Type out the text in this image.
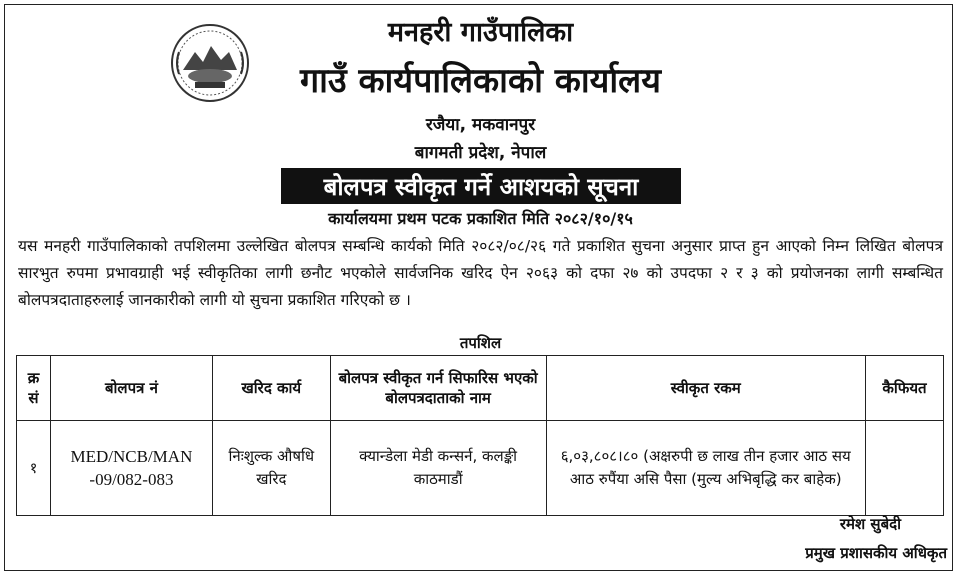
मनहरी गाउँपालिका
गाउँ कार्यपालिकाको कार्यालय
रजैया, मकवानपुर
बागमती प्रदेश, नेपाल
बोलपत्र स्वीकृत गर्ने आशयको सूचना
कार्यालयमा प्रथम पटक प्रकाशित मिति २०८२/१०/१५

यस मनहरी गाउँपालिकाको तपशिलमा उल्लेखित बोलपत्र सम्बन्धि कार्यको मिति २०८२/०८/२६ गते प्रकाशित सुचना अनुसार प्राप्त हुन आएको निम्न लिखित बोलपत्र सारभुत रुपमा प्रभावग्राही भई स्वीकृतिका लागी छनौट भएकोले सार्वजनिक खरिद ऐन २०६३ को दफा २७ को उपदफा २ र ३ को प्रयोजनका लागी सम्बन्धित बोलपत्रदाताहरुलाई जानकारीको लागी यो सुचना प्रकाशित गरिएको छ ।

तपशिल
क्र सं	बोलपत्र नं	खरिद कार्य	बोलपत्र स्वीकृत गर्न सिफारिस भएको बोलपत्रदाताको नाम	स्वीकृत रकम	कैफियत
१	MED/NCB/MAN -09/082-083	निःशुल्क औषधि खरिद	क्यान्डेला मेडी कन्सर्न, कलङ्की काठमाडौं	६,०३,८०८।८० (अक्षरुपी छ लाख तीन हजार आठ सय आठ रुपैंया असि पैसा (मुल्य अभिबृद्धि कर बाहेक)	
रमेश सुबेदी
प्रमुख प्रशासकीय अधिकृत
